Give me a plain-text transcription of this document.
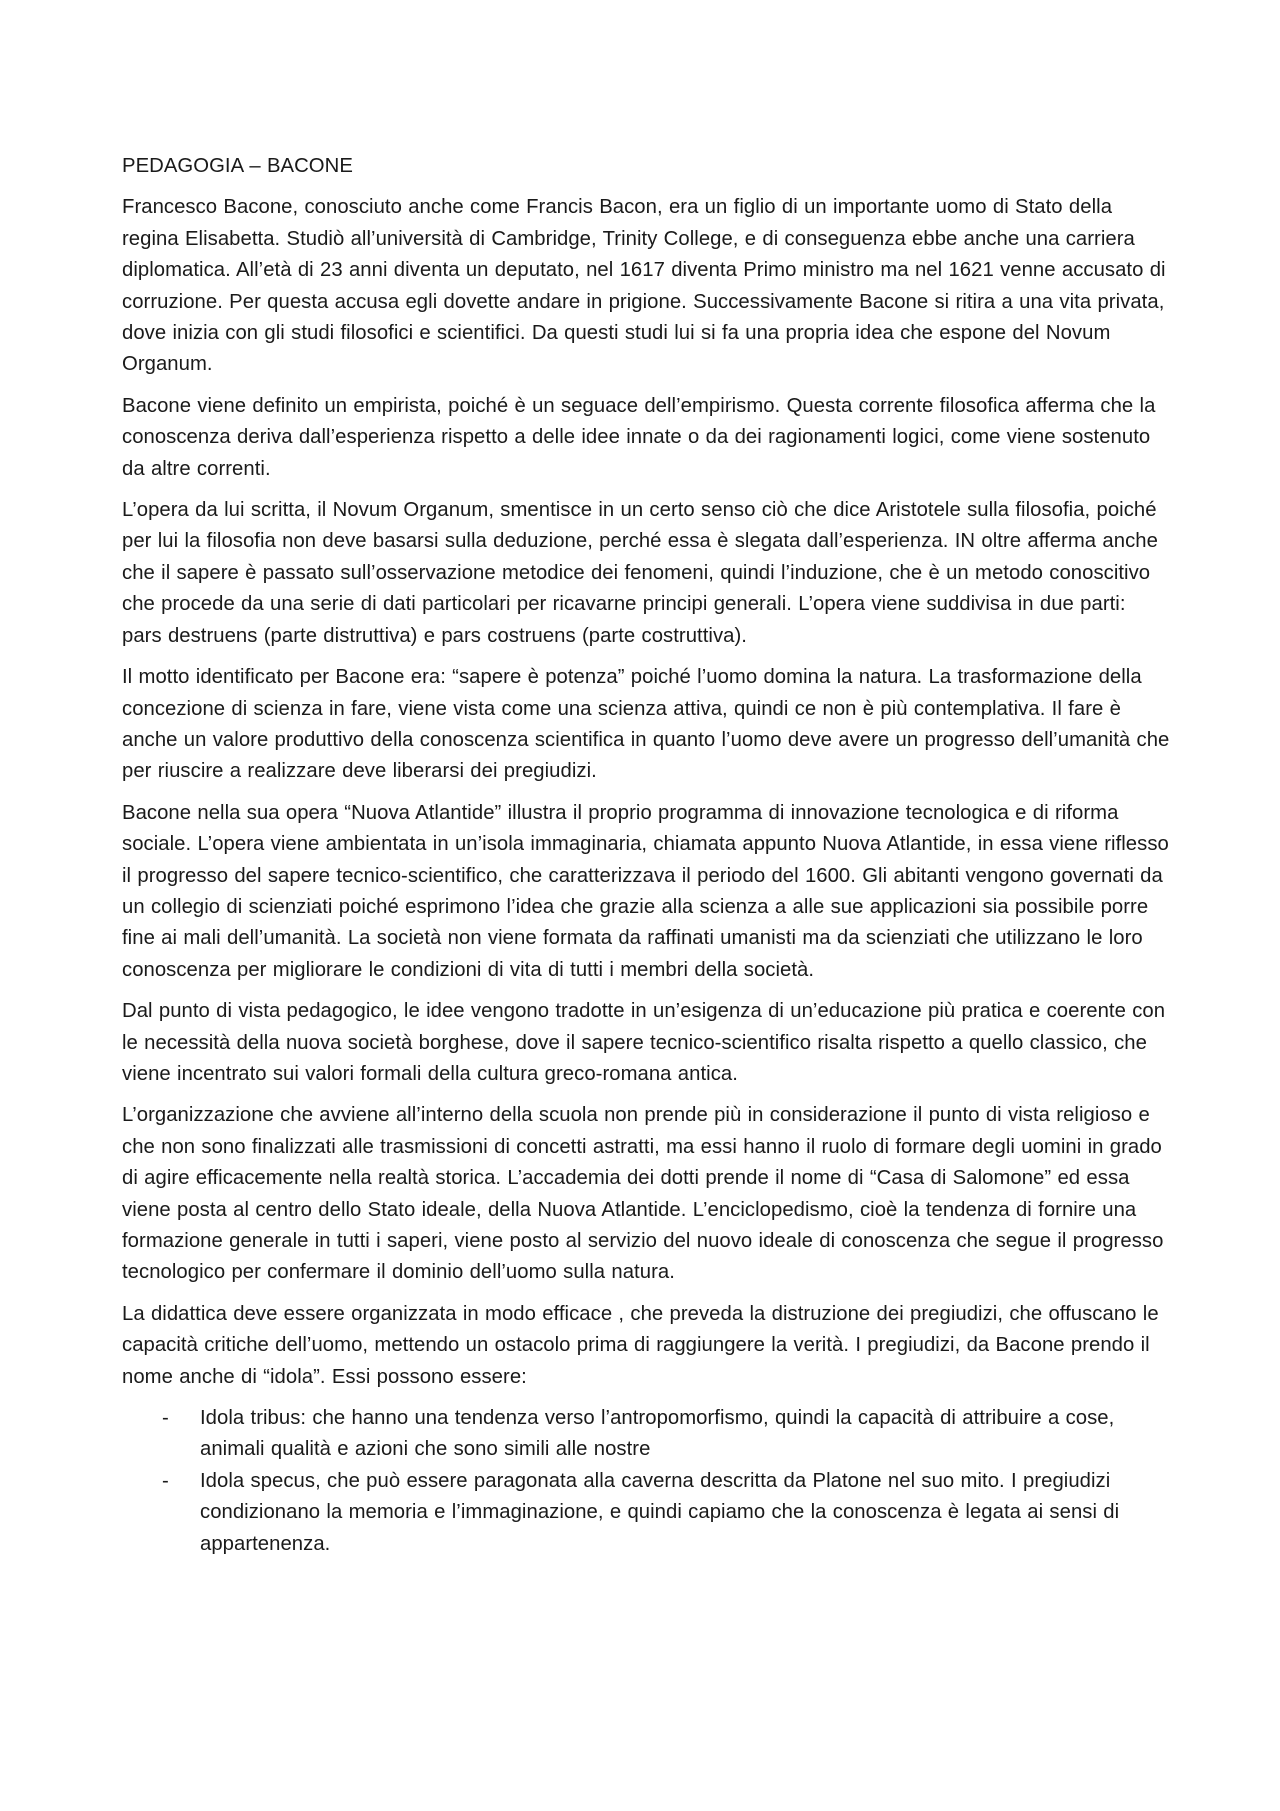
PEDAGOGIA – BACONE

Francesco Bacone, conosciuto anche come Francis Bacon, era un figlio di un importante uomo di Stato della regina Elisabetta. Studiò all’università di Cambridge, Trinity College, e di conseguenza ebbe anche una carriera diplomatica. All’età di 23 anni diventa un deputato, nel 1617 diventa Primo ministro ma nel 1621 venne accusato di corruzione. Per questa accusa egli dovette andare in prigione. Successivamente Bacone si ritira a una vita privata, dove inizia con gli studi filosofici e scientifici. Da questi studi lui si fa una propria idea che espone del Novum Organum.

Bacone viene definito un empirista, poiché è un seguace dell’empirismo. Questa corrente filosofica afferma che la conoscenza deriva dall’esperienza rispetto a delle idee innate o da dei ragionamenti logici, come viene sostenuto da altre correnti.

L’opera da lui scritta, il Novum Organum, smentisce in un certo senso ciò che dice Aristotele sulla filosofia, poiché per lui la filosofia non deve basarsi sulla deduzione, perché essa è slegata dall’esperienza. IN oltre afferma anche che il sapere è passato sull’osservazione metodice dei fenomeni, quindi l’induzione, che è un metodo conoscitivo che procede da una serie di dati particolari per ricavarne principi generali. L’opera viene suddivisa in due parti: pars destruens (parte distruttiva) e pars costruens (parte costruttiva).

Il motto identificato per Bacone era: “sapere è potenza” poiché l’uomo domina la natura. La trasformazione della concezione di scienza in fare, viene vista come una scienza attiva, quindi ce non è più contemplativa. Il fare è anche un valore produttivo della conoscenza scientifica in quanto l’uomo deve avere un progresso dell’umanità che per riuscire a realizzare deve liberarsi dei pregiudizi.

Bacone nella sua opera “Nuova Atlantide” illustra il proprio programma di innovazione tecnologica e di riforma sociale. L’opera viene ambientata in un’isola immaginaria, chiamata appunto Nuova Atlantide, in essa viene riflesso il progresso del sapere tecnico-scientifico, che caratterizzava il periodo del 1600. Gli abitanti vengono governati da un collegio di scienziati poiché esprimono l’idea che grazie alla scienza a alle sue applicazioni sia possibile porre fine ai mali dell’umanità. La società non viene formata da raffinati umanisti ma da scienziati che utilizzano le loro conoscenza per migliorare le condizioni di vita di tutti i membri della società.

Dal punto di vista pedagogico, le idee vengono tradotte in un’esigenza di un’educazione più pratica e coerente con le necessità della nuova società borghese, dove il sapere tecnico-scientifico risalta rispetto a quello classico, che viene incentrato sui valori formali della cultura greco-romana antica.

L’organizzazione che avviene all’interno della scuola non prende più in considerazione il punto di vista religioso e che non sono finalizzati alle trasmissioni di concetti astratti, ma essi hanno il ruolo di formare degli uomini in grado di agire efficacemente nella realtà storica. L’accademia dei dotti prende il nome di “Casa di Salomone” ed essa viene posta al centro dello Stato ideale, della Nuova Atlantide. L’enciclopedismo, cioè la tendenza di fornire una formazione generale in tutti i saperi, viene posto al servizio del nuovo ideale di conoscenza che segue il progresso tecnologico per confermare il dominio dell’uomo sulla natura.

La didattica deve essere organizzata in modo efficace , che preveda la distruzione dei pregiudizi, che offuscano le capacità critiche dell’uomo, mettendo un ostacolo prima di raggiungere la verità. I pregiudizi, da Bacone prendo il nome anche di “idola”. Essi possono essere:

- Idola tribus: che hanno una tendenza verso l’antropomorfismo, quindi la capacità di attribuire a cose, animali qualità e azioni che sono simili alle nostre
- Idola specus, che può essere paragonata alla caverna descritta da Platone nel suo mito. I pregiudizi condizionano la memoria e l’immaginazione, e quindi capiamo che la conoscenza è legata ai sensi di appartenenza.
